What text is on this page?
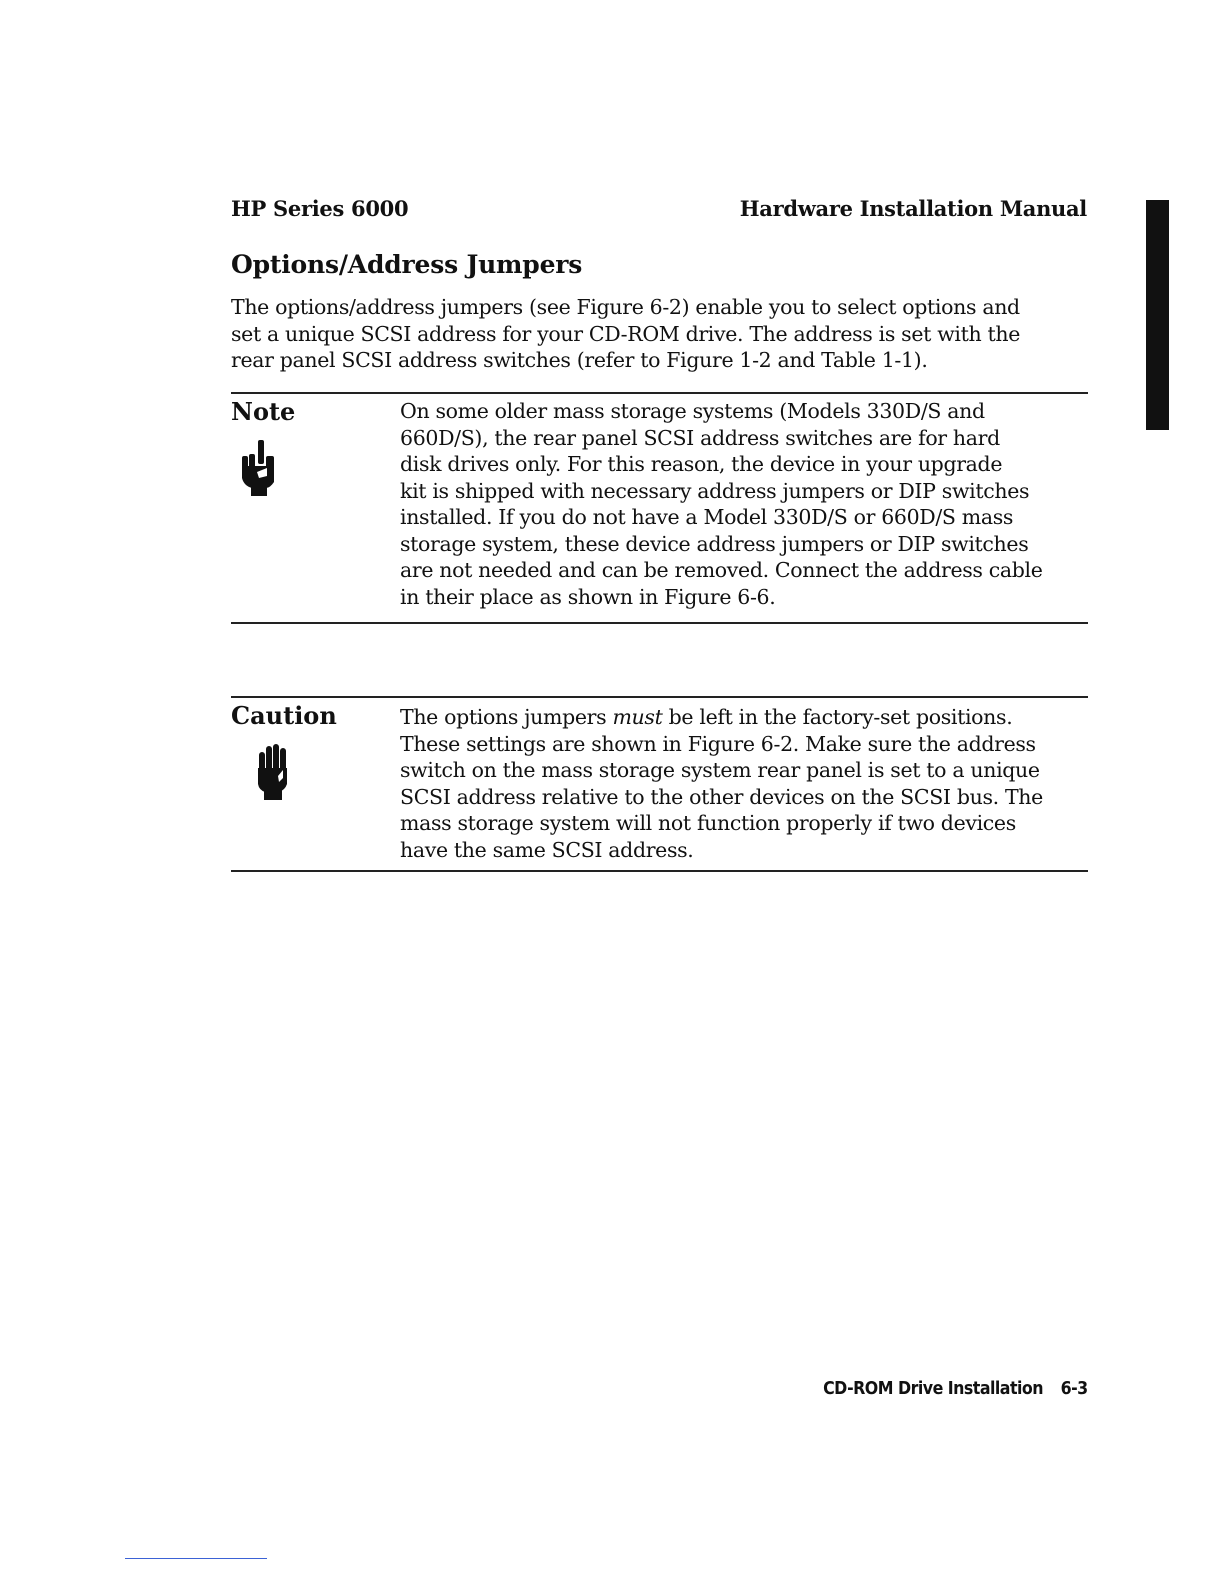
HP Series 6000	Hardware Installation Manual
Options/Address Jumpers
The options/address jumpers (see Figure 6-2) enable you to select options and
set a unique SCSI address for your CD-ROM drive. The address is set with the
rear panel SCSI address switches (refer to Figure 1-2 and Table 1-1).
Note	On some older mass storage systems (Models 330D/S and
660D/S), the rear panel SCSI address switches are for hard
disk drives only. For this reason, the device in your upgrade
kit is shipped with necessary address jumpers or DIP switches
installed. If you do not have a Model 330D/S or 660D/S mass
storage system, these device address jumpers or DIP switches
are not needed and can be removed. Connect the address cable
in their place as shown in Figure 6-6.
Caution	The options jumpers must be left in the factory-set positions.
These settings are shown in Figure 6-2. Make sure the address
switch on the mass storage system rear panel is set to a unique
SCSI address relative to the other devices on the SCSI bus. The
mass storage system will not function properly if two devices
have the same SCSI address.
CD-ROM Drive Installation 6-3
